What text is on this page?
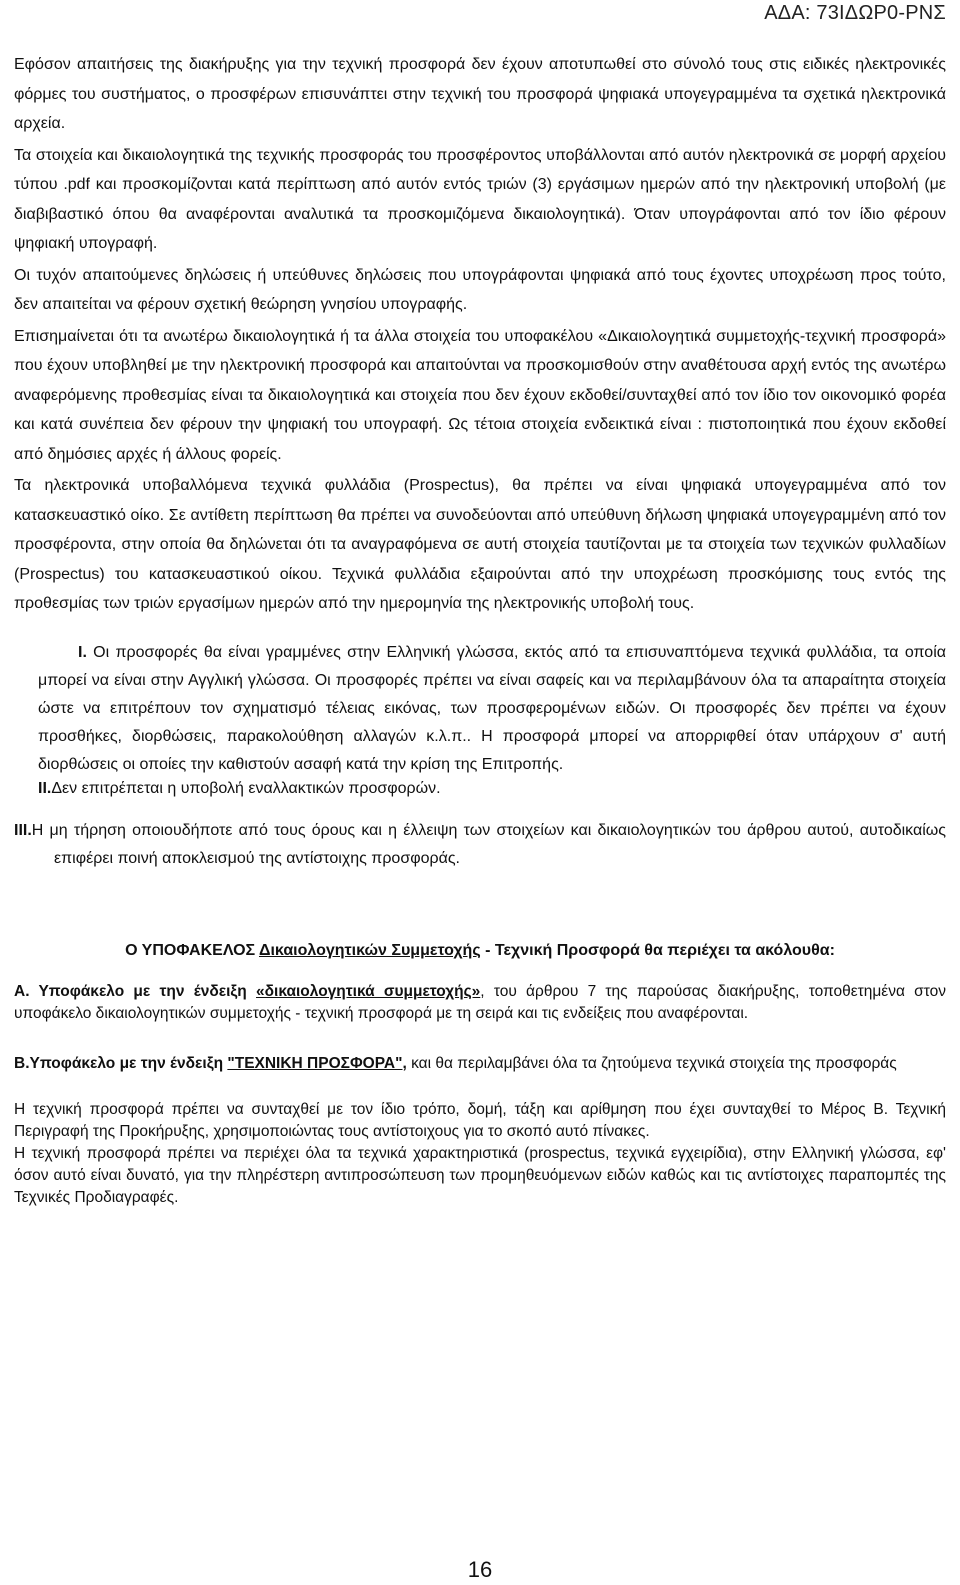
ΑΔΑ: 73ΙΔΩΡ0-ΡΝΣ

Εφόσον απαιτήσεις της διακήρυξης για την τεχνική προσφορά δεν έχουν αποτυπωθεί στο σύνολό τους στις ειδικές ηλεκτρονικές φόρμες του συστήματος, ο προσφέρων επισυνάπτει στην τεχνική του προσφορά ψηφιακά υπογεγραμμένα τα σχετικά ηλεκτρονικά αρχεία.

Τα στοιχεία και δικαιολογητικά της τεχνικής προσφοράς του προσφέροντος υποβάλλονται από αυτόν ηλεκτρονικά σε μορφή αρχείου τύπου .pdf και προσκομίζονται κατά περίπτωση από αυτόν εντός τριών (3) εργάσιμων ημερών από την ηλεκτρονική υποβολή (με διαβιβαστικό όπου θα αναφέρονται αναλυτικά τα προσκομιζόμενα δικαιολογητικά). Όταν υπογράφονται από τον ίδιο φέρουν ψηφιακή υπογραφή.

Οι τυχόν απαιτούμενες δηλώσεις ή υπεύθυνες δηλώσεις που υπογράφονται ψηφιακά από τους έχοντες υποχρέωση προς τούτο, δεν απαιτείται να φέρουν σχετική θεώρηση γνησίου υπογραφής.

Επισημαίνεται ότι τα ανωτέρω δικαιολογητικά ή τα άλλα στοιχεία του υποφακέλου «Δικαιολογητικά συμμετοχής-τεχνική προσφορά» που έχουν υποβληθεί με την ηλεκτρονική προσφορά και απαιτούνται να προσκομισθούν στην αναθέτουσα αρχή εντός της ανωτέρω αναφερόμενης προθεσμίας είναι τα δικαιολογητικά και στοιχεία που δεν έχουν εκδοθεί/συνταχθεί από τον ίδιο τον οικονομικό φορέα και κατά συνέπεια δεν φέρουν την ψηφιακή του υπογραφή. Ως τέτοια στοιχεία ενδεικτικά είναι : πιστοποιητικά που έχουν εκδοθεί από δημόσιες αρχές ή άλλους φορείς.

Τα ηλεκτρονικά υποβαλλόμενα τεχνικά φυλλάδια (Prospectus), θα πρέπει να είναι ψηφιακά υπογεγραμμένα από τον κατασκευαστικό οίκο. Σε αντίθετη περίπτωση θα πρέπει να συνοδεύονται από υπεύθυνη δήλωση ψηφιακά υπογεγραμμένη από τον προσφέροντα, στην οποία θα δηλώνεται ότι τα αναγραφόμενα σε αυτή στοιχεία ταυτίζονται με τα στοιχεία των τεχνικών φυλλαδίων (Prospectus) του κατασκευαστικού οίκου. Τεχνικά φυλλάδια εξαιρούνται από την υποχρέωση προσκόμισης τους εντός της προθεσμίας των τριών εργασίμων ημερών από την ημερομηνία της ηλεκτρονικής υποβολή τους.

I. Οι προσφορές θα είναι γραμμένες στην Ελληνική γλώσσα, εκτός από τα επισυναπτόμενα τεχνικά φυλλάδια, τα οποία μπορεί να είναι στην Αγγλική γλώσσα. Οι προσφορές πρέπει να είναι σαφείς και να περιλαμβάνουν όλα τα απαραίτητα στοιχεία ώστε να επιτρέπουν τον σχηματισμό τέλειας εικόνας, των προσφερομένων ειδών. Οι προσφορές δεν πρέπει να έχουν προσθήκες, διορθώσεις, παρακολούθηση αλλαγών κ.λ.π.. Η προσφορά μπορεί να απορριφθεί όταν υπάρχουν σ' αυτή διορθώσεις οι οποίες την καθιστούν ασαφή κατά την κρίση της Επιτροπής.
II.Δεν επιτρέπεται η υποβολή εναλλακτικών προσφορών.
III.Η μη τήρηση οποιουδήποτε από τους όρους και η έλλειψη των στοιχείων και δικαιολογητικών του άρθρου αυτού, αυτοδικαίως επιφέρει ποινή αποκλεισμού της αντίστοιχης προσφοράς.
Ο ΥΠΟΦΑΚΕΛΟΣ Δικαιολογητικών Συμμετοχής - Τεχνική Προσφορά θα περιέχει τα ακόλουθα:

Α. Υποφάκελο με την ένδειξη «δικαιολογητικά συμμετοχής», του άρθρου 7 της παρούσας διακήρυξης, τοποθετημένα στον υποφάκελο δικαιολογητικών συμμετοχής - τεχνική προσφορά με τη σειρά και τις ενδείξεις που αναφέρονται.

Β.Υποφάκελο με την ένδειξη "ΤΕΧΝΙΚΗ ΠΡΟΣΦΟΡΑ", και θα περιλαμβάνει όλα τα ζητούμενα τεχνικά στοιχεία της προσφοράς

Η τεχνική προσφορά πρέπει να συνταχθεί με τον ίδιο τρόπο, δομή, τάξη και αρίθμηση που έχει συνταχθεί το Μέρος Β. Τεχνική Περιγραφή της Προκήρυξης, χρησιμοποιώντας τους αντίστοιχους για το σκοπό αυτό πίνακες.

Η τεχνική προσφορά πρέπει να περιέχει όλα τα τεχνικά χαρακτηριστικά (prospectus, τεχνικά εγχειρίδια), στην Ελληνική γλώσσα, εφ' όσον αυτό είναι δυνατό, για την πληρέστερη αντιπροσώπευση των προμηθευόμενων ειδών καθώς και τις αντίστοιχες παραπομπές της Τεχνικές Προδιαγραφές.

16
